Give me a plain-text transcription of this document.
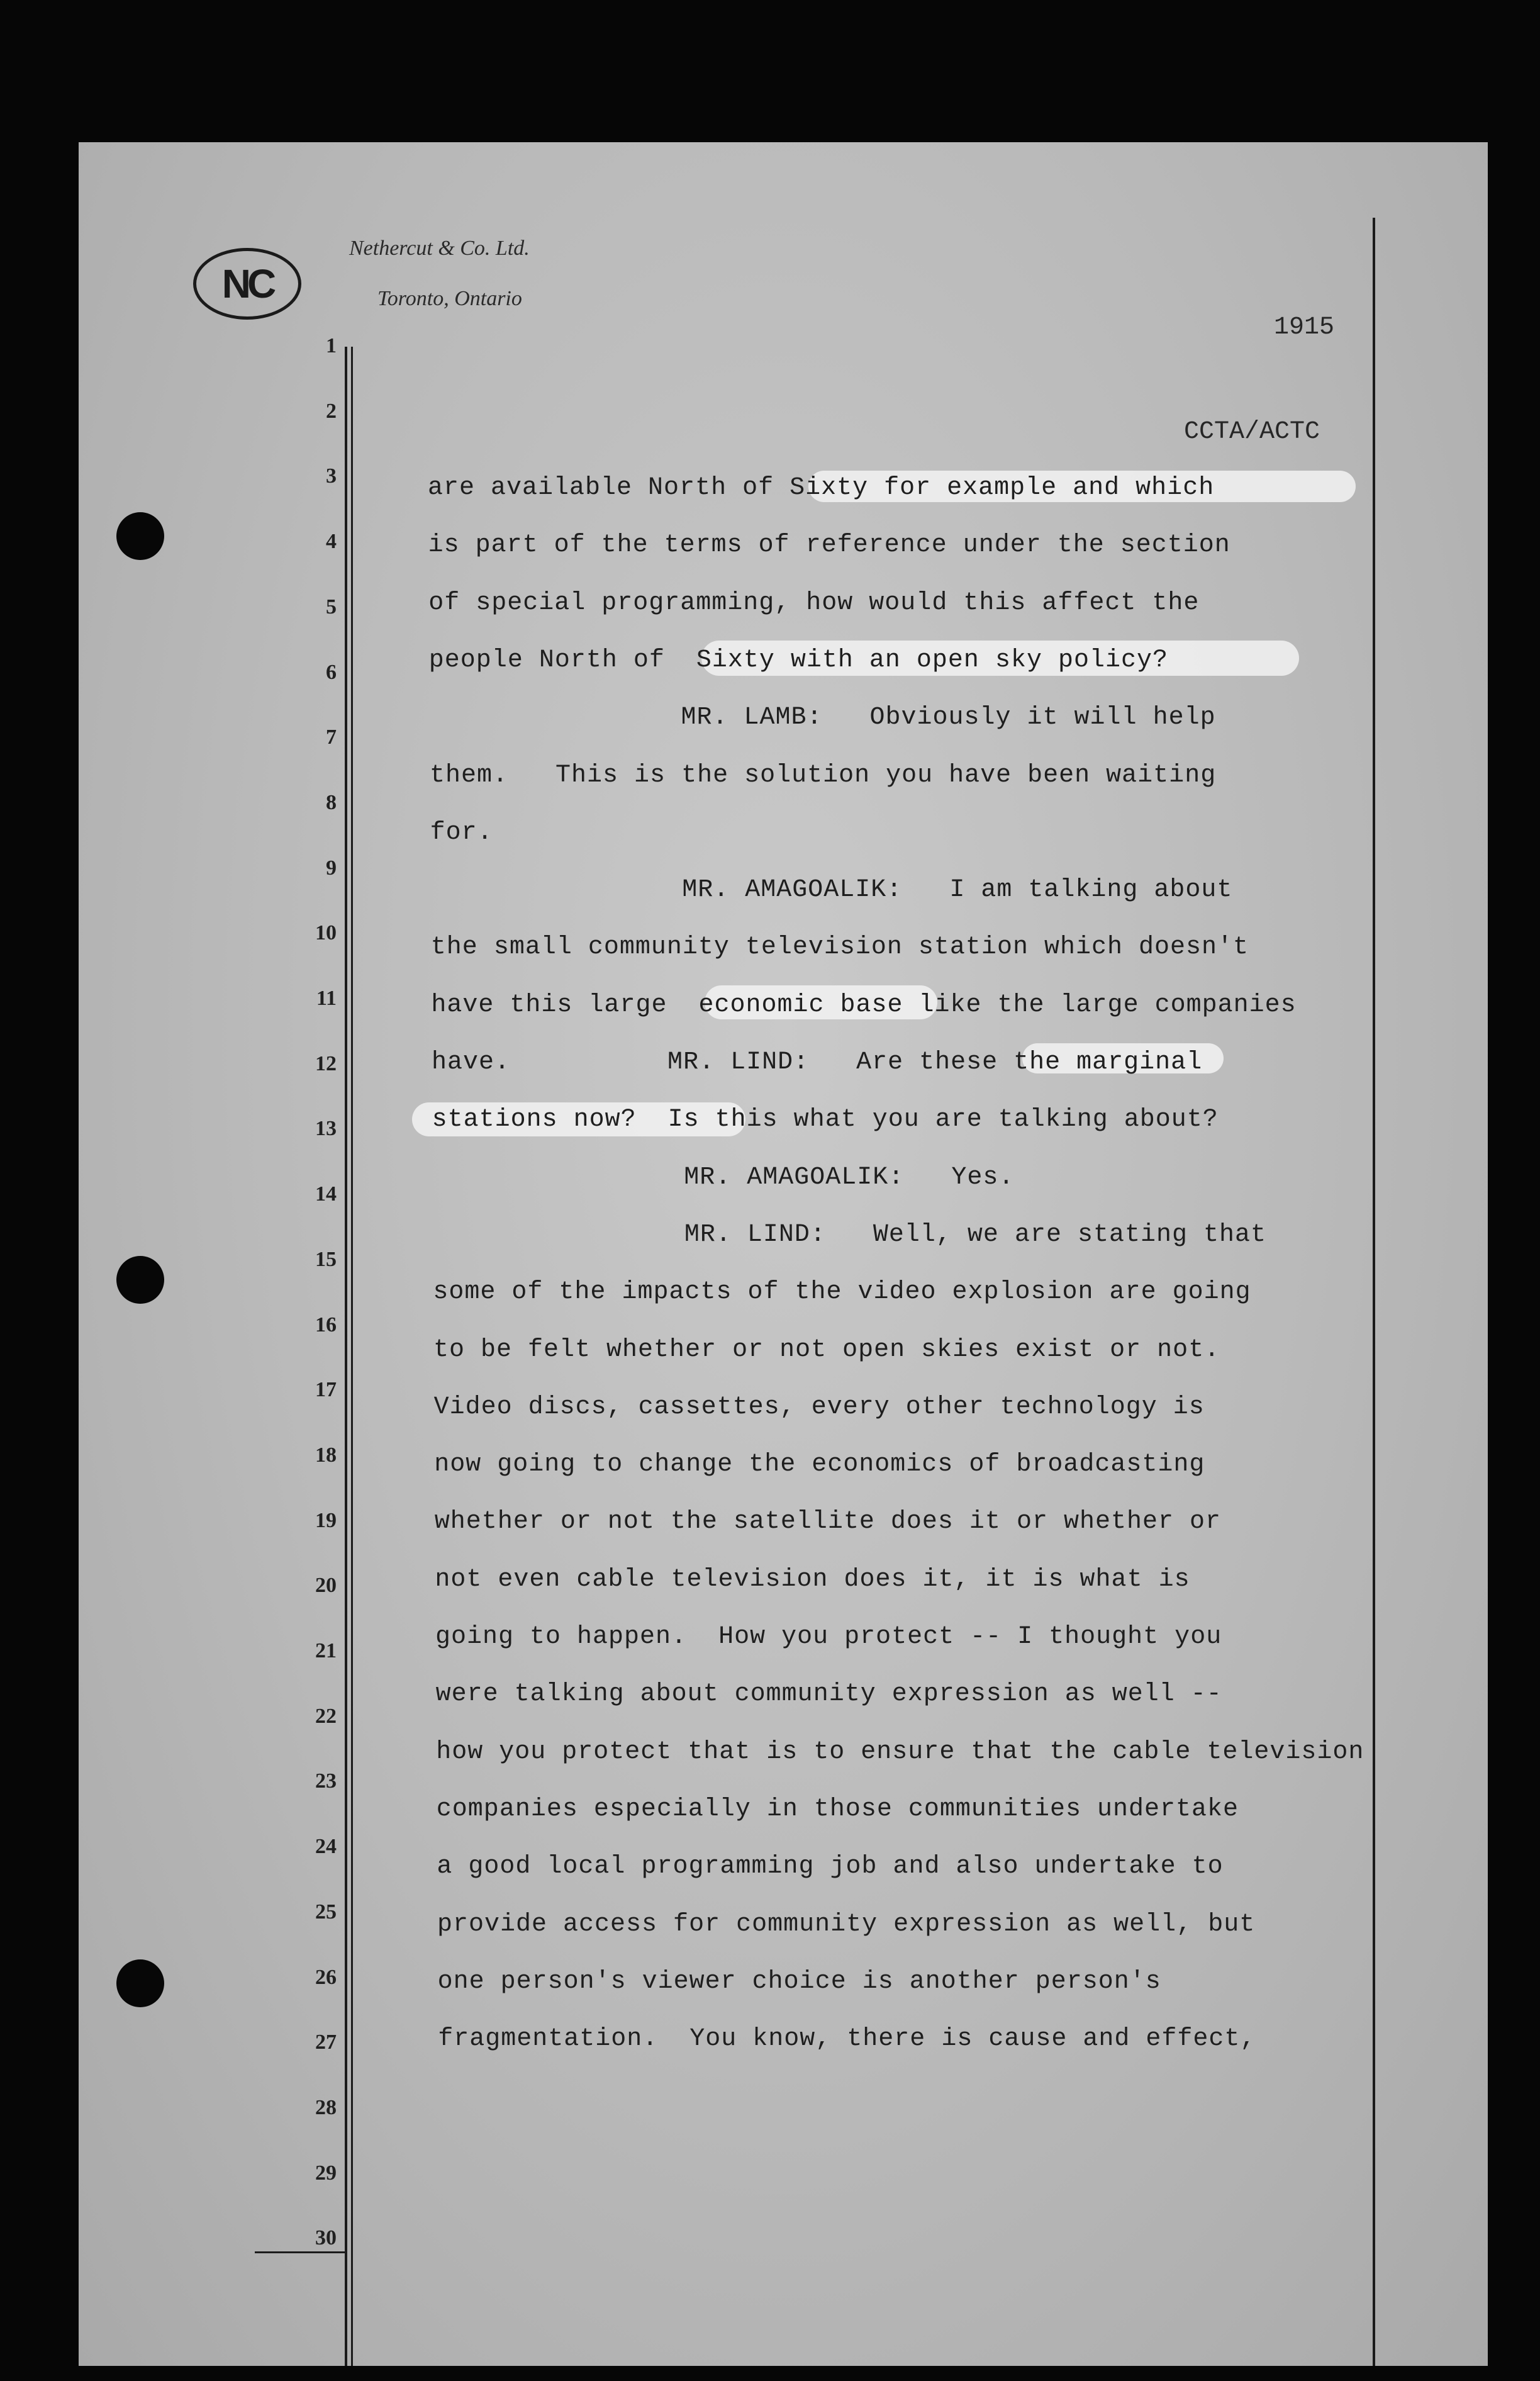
NC
Nethercut & Co. Ltd.
Toronto, Ontario
1915
CCTA/ACTC
1
2
3
4
5
6
7
8
9
10
11
12
13
14
15
16
17
18
19
20
21
22
23
24
25
26
27
28
29
30
are available North of Sixty for example and which
is part of the terms of reference under the section
of special programming, how would this affect the
people North of  Sixty with an open sky policy?
MR. LAMB:   Obviously it will help
them.   This is the solution you have been waiting
for.
MR. AMAGOALIK:   I am talking about
the small community television station which doesn't
have this large  economic base like the large companies
have.          MR. LIND:   Are these the marginal
stations now?  Is this what you are talking about?
MR. AMAGOALIK:   Yes.
MR. LIND:   Well, we are stating that
some of the impacts of the video explosion are going
to be felt whether or not open skies exist or not.
Video discs, cassettes, every other technology is
now going to change the economics of broadcasting
whether or not the satellite does it or whether or
not even cable television does it, it is what is
going to happen.  How you protect -- I thought you
were talking about community expression as well --
how you protect that is to ensure that the cable television
companies especially in those communities undertake
a good local programming job and also undertake to
provide access for community expression as well, but
one person's viewer choice is another person's
fragmentation.  You know, there is cause and effect,
